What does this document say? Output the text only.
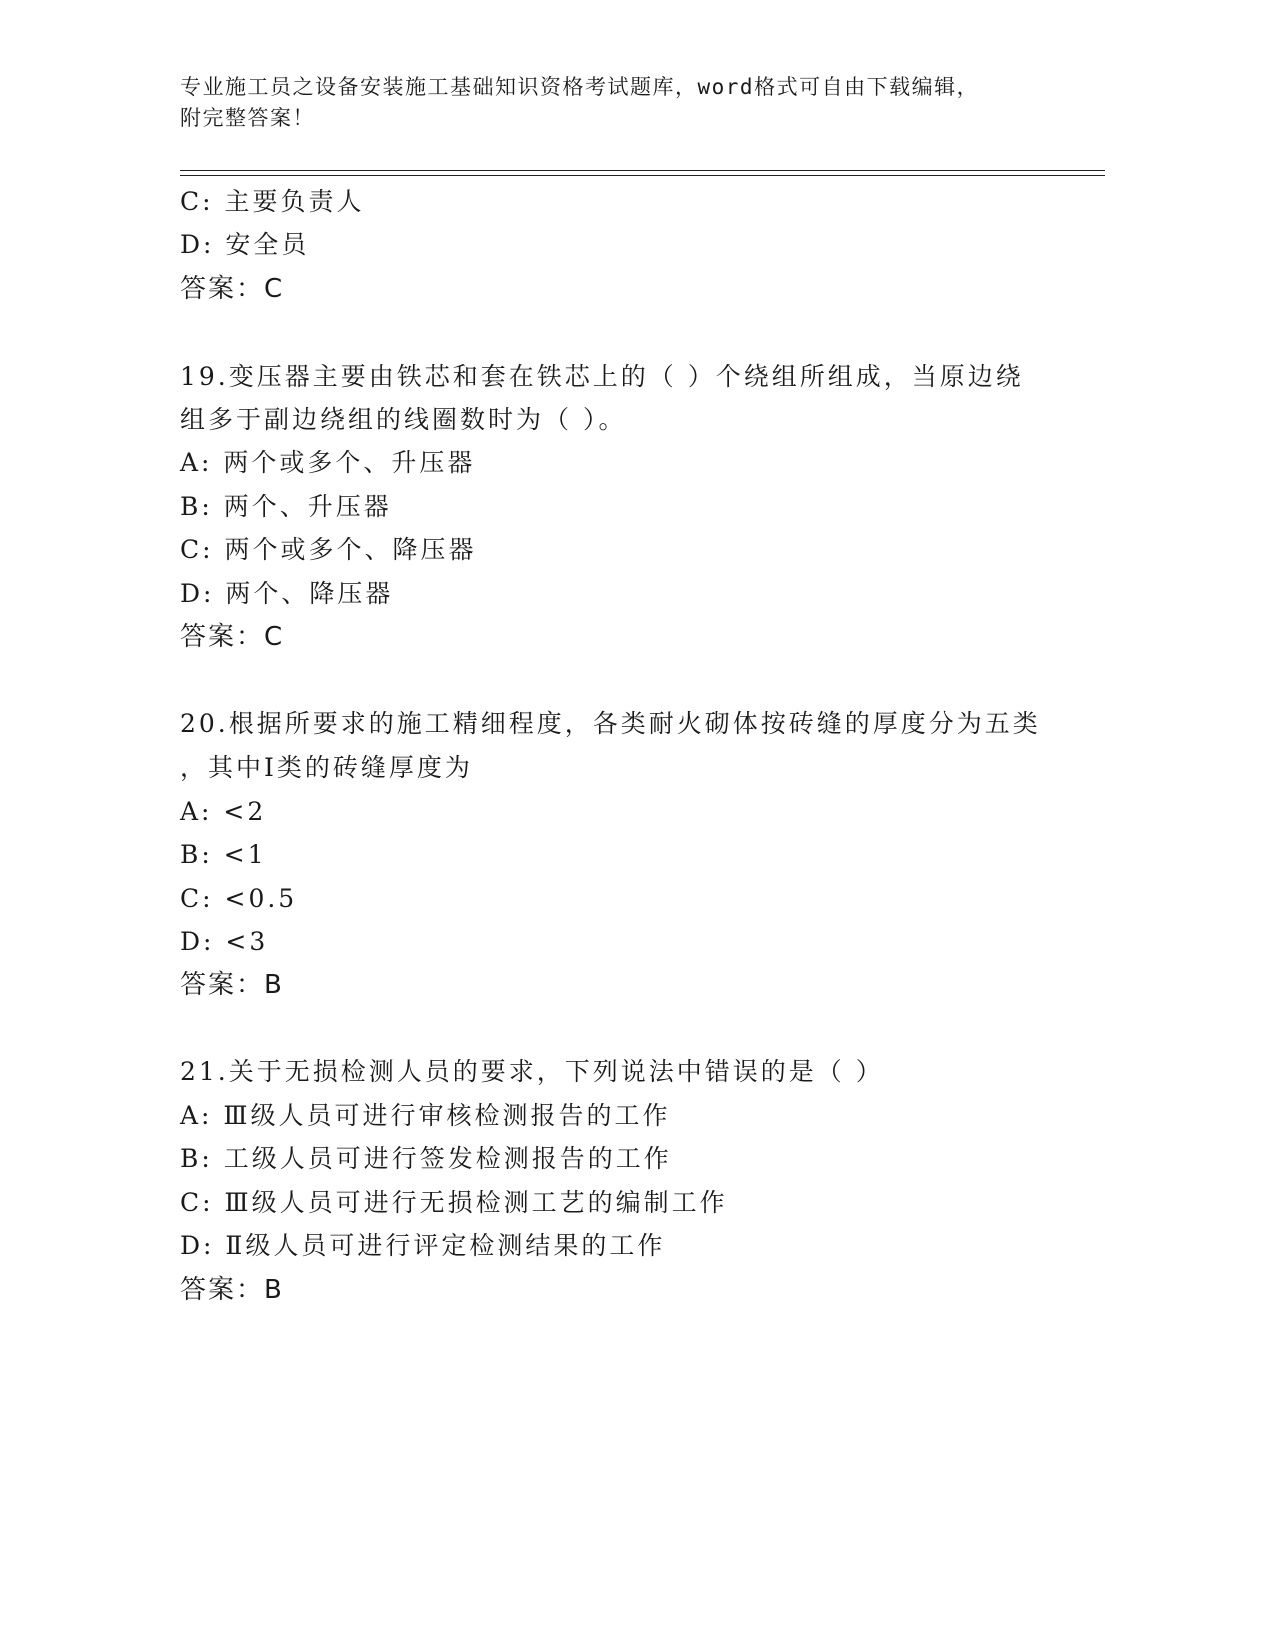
专业施工员之设备安装施工基础知识资格考试题库，word格式可自由下载编辑，
附完整答案！
C: 主要负责人
D: 安全员
答案：C
19.变压器主要由铁芯和套在铁芯上的（ ）个绕组所组成，当原边绕
组多于副边绕组的线圈数时为（ ）。
A: 两个或多个、升压器
B: 两个、升压器
C: 两个或多个、降压器
D: 两个、降压器
答案：C
20.根据所要求的施工精细程度，各类耐火砌体按砖缝的厚度分为五类
，其中Ⅰ类的砖缝厚度为
A: <2
B: <1
C: <0.5
D: <3
答案：B
21.关于无损检测人员的要求，下列说法中错误的是（ ）
A: Ⅲ级人员可进行审核检测报告的工作
B: 工级人员可进行签发检测报告的工作
C: Ⅲ级人员可进行无损检测工艺的编制工作
D: Ⅱ级人员可进行评定检测结果的工作
答案：B
